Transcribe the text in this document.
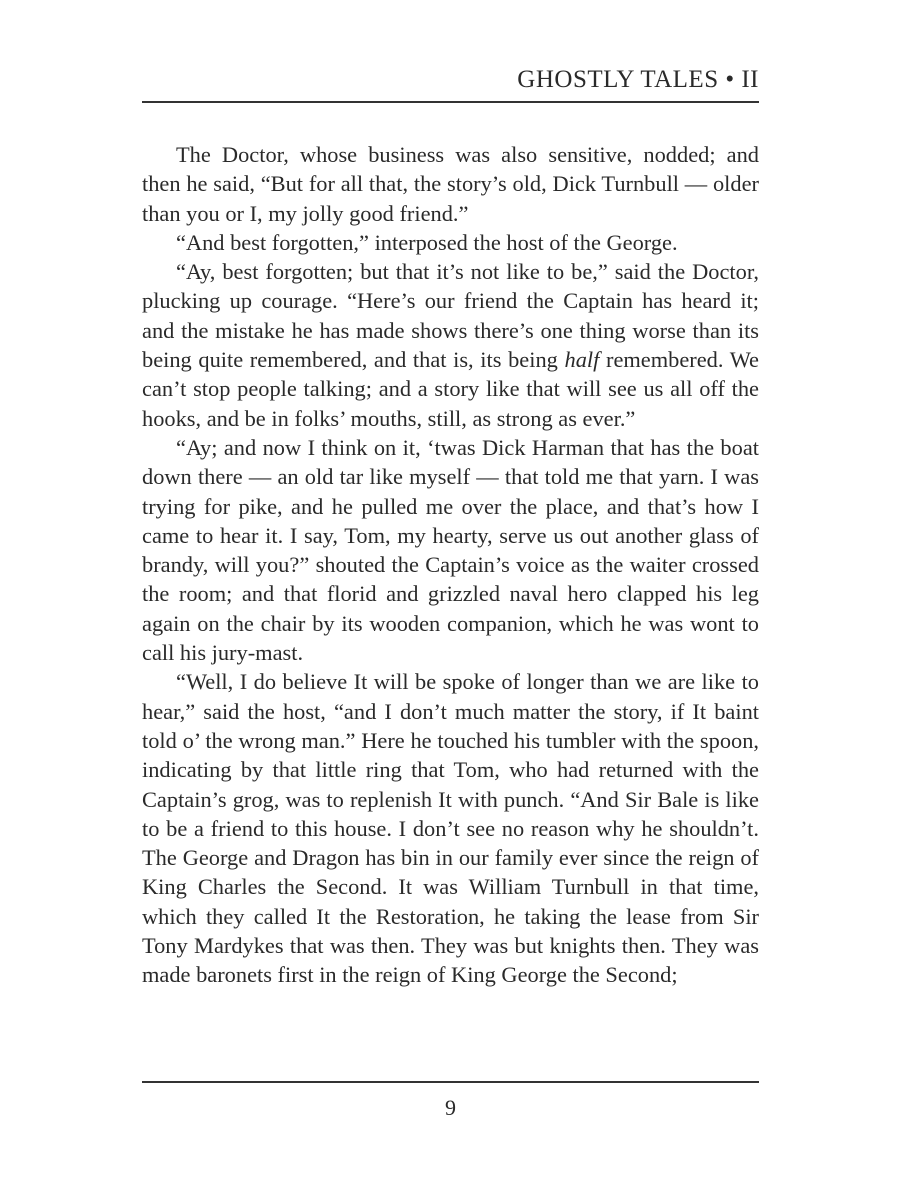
GHOSTLY TALES • II

The Doctor, whose business was also sensitive, nodded; and then he said, “But for all that, the story’s old, Dick Turnbull — older than you or I, my jolly good friend.”

“And best forgotten,” interposed the host of the George.

“Ay, best forgotten; but that it’s not like to be,” said the Doctor, plucking up courage. “Here’s our friend the Captain has heard it; and the mistake he has made shows there’s one thing worse than its being quite remembered, and that is, its being half remembered. We can’t stop people talking; and a story like that will see us all off the hooks, and be in folks’ mouths, still, as strong as ever.”

“Ay; and now I think on it, ‘twas Dick Harman that has the boat down there — an old tar like myself — that told me that yarn. I was trying for pike, and he pulled me over the place, and that’s how I came to hear it. I say, Tom, my hearty, serve us out another glass of brandy, will you?” shouted the Captain’s voice as the waiter crossed the room; and that florid and grizzled naval hero clapped his leg again on the chair by its wooden companion, which he was wont to call his jury-mast.

“Well, I do believe It will be spoke of longer than we are like to hear,” said the host, “and I don’t much matter the story, if It baint told o’ the wrong man.” Here he touched his tumbler with the spoon, indicating by that little ring that Tom, who had returned with the Captain’s grog, was to replenish It with punch. “And Sir Bale is like to be a friend to this house. I don’t see no reason why he shouldn’t. The George and Dragon has bin in our family ever since the reign of King Charles the Second. It was William Turnbull in that time, which they called It the Restoration, he taking the lease from Sir Tony Mardykes that was then. They was but knights then. They was made baronets first in the reign of King George the Second;

9
